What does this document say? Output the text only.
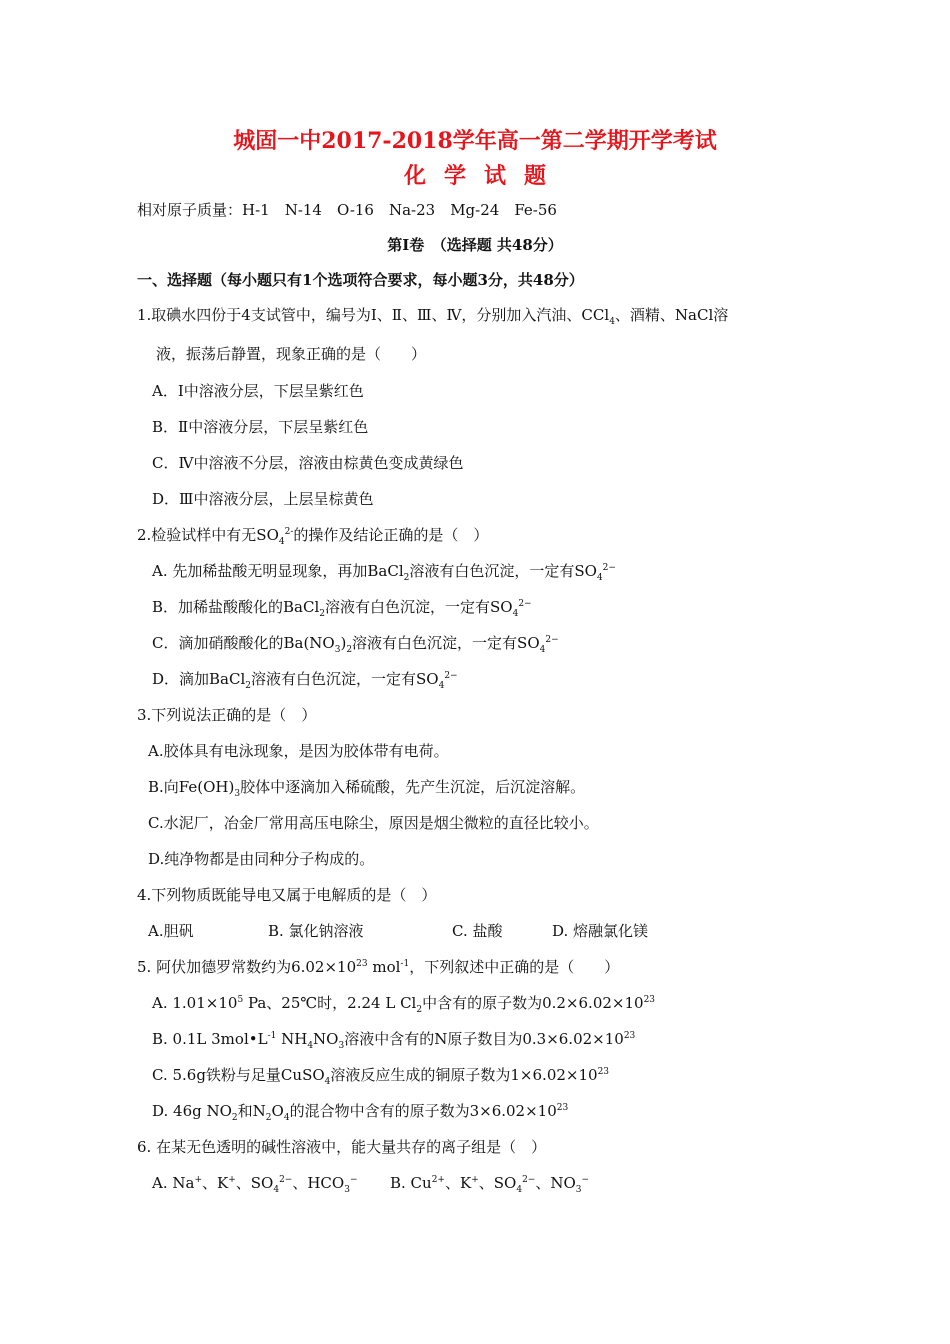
城固一中2017-2018学年高一第二学期开学考试
化学试题
相对原子质量：H-1　N-14　O-16　Na-23　Mg-24　Fe-56
第Ⅰ卷　（选择题 共48分）
一、选择题（每小题只有1个选项符合要求，每小题3分，共48分）
1.取碘水四份于4支试管中，编号为Ⅰ、Ⅱ、Ⅲ、Ⅳ，分别加入汽油、CCl$_4$、酒精、NaCl溶
液，振荡后静置，现象正确的是（　　）
A．Ⅰ中溶液分层，下层呈紫红色
B．Ⅱ中溶液分层，下层呈紫红色
C．Ⅳ中溶液不分层，溶液由棕黄色变成黄绿色
D．Ⅲ中溶液分层，上层呈棕黄色
2.检验试样中有无$SO_4^{2-}$的操作及结论正确的是（　）
A. 先加稀盐酸无明显现象，再加BaCl$_2$溶液有白色沉淀，一定有$SO_4^{2-}$
B．加稀盐酸酸化的BaCl$_2$溶液有白色沉淀，一定有$SO_4^{2-}$
C．滴加硝酸酸化的$Ba(NO_3)_2$溶液有白色沉淀，一定有$SO_4^{2-}$
D．滴加BaCl$_2$溶液有白色沉淀，一定有$SO_4^{2-}$
3.下列说法正确的是（　）
A.胶体具有电泳现象，是因为胶体带有电荷。
B.向$Fe(OH)_3$胶体中逐滴加入稀硫酸，先产生沉淀，后沉淀溶解。
C.水泥厂，冶金厂常用高压电除尘，原因是烟尘微粒的直径比较小。
D.纯净物都是由同种分子构成的。
4.下列物质既能导电又属于电解质的是（　）
A.胆矾	B. 氯化钠溶液	C. 盐酸	D. 熔融氯化镁
5. 阿伏加德罗常数约为$6.02\times 10^{23}$ mol$^{-1}$，下列叙述中正确的是（　　）
A. $1.01\times 10^5$ Pa、25℃时，2.24 L $Cl_2$中含有的原子数为$0.2\times 6.02\times 10^{23}$
B. 0.1L $3mol•L^{-1}$ $NH_4NO_3$溶液中含有的N原子数目为$0.3\times 6.02\times 10^{23}$
C. 5.6g铁粉与足量CuSO$_4$溶液反应生成的铜原子数为$1\times 6.02\times 10^{23}$
D. 46g $NO_2$和$N_2O_4$的混合物中含有的原子数为$3\times 6.02\times 10^{23}$
6. 在某无色透明的碱性溶液中，能大量共存的离子组是（　）
A. Na+、K+、$SO_4^{2-}$、$HCO_3^-$ B. $Cu^{2+}$、K+、$SO_4^{2-}$、$NO_3^-$
